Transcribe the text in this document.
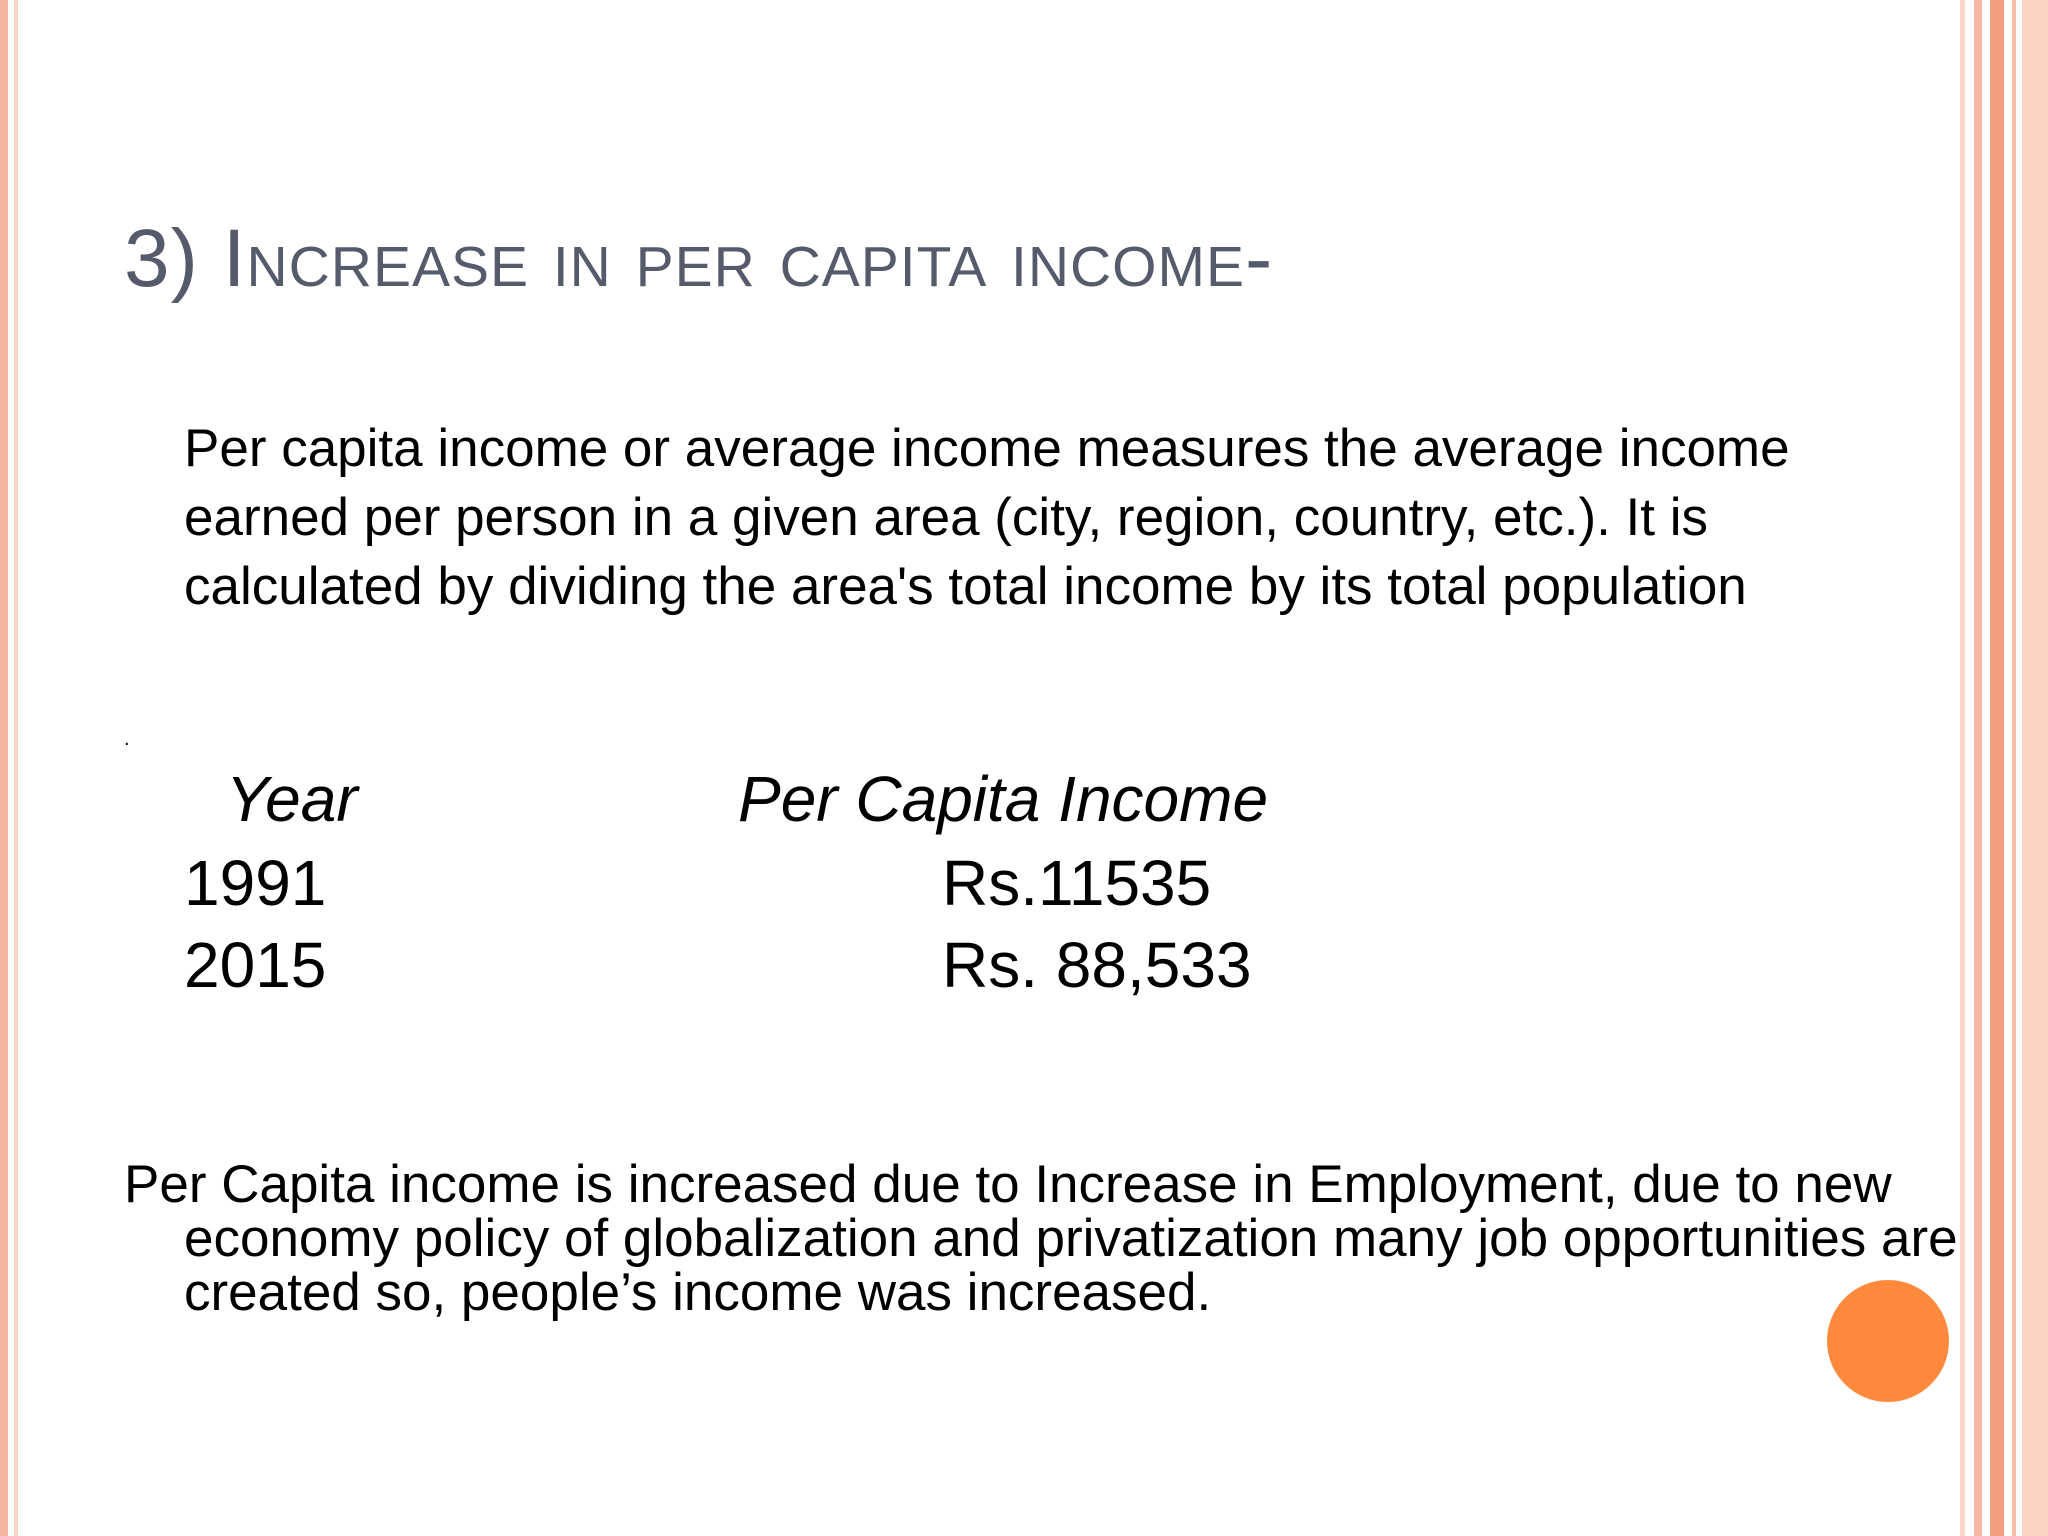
3) Increase in per capita income-

Per capita income or average income measures the average income earned per person in a given area (city, region, country, etc.). It is calculated by dividing the area's total income by its total population

.
Year	Per Capita Income
1991	Rs.11535
2015	Rs. 88,533

Per Capita income is increased due to Increase in Employment, due to new economy policy of globalization and privatization many job opportunities are created so, people’s income was increased.
